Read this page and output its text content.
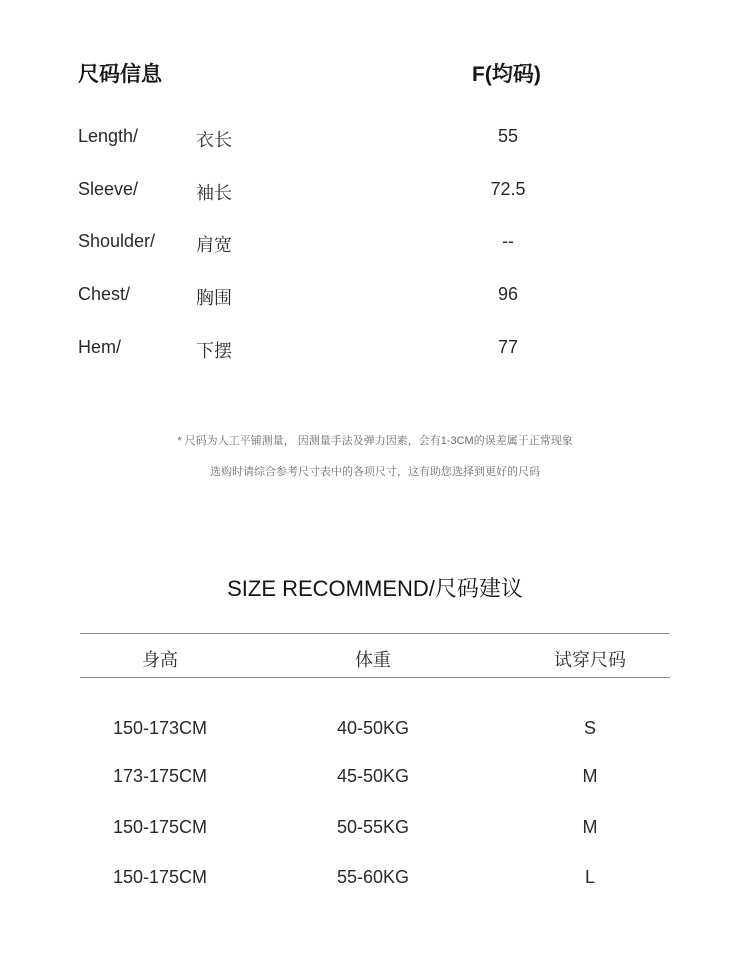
尺码信息	F(均码)
Length/	衣长	55
Sleeve/	袖长	72.5
Shoulder/ 肩宽	--
Chest/	胸围	96
Hem/	下摆	77
* 尺码为人工平铺测量， 因测量手法及弹力因素，会有1-3CM的误差属于正常现象
选购时请综合参考尺寸表中的各项尺寸，这有助您选择到更好的尺码
SIZE RECOMMEND/尺码建议
身高	体重	试穿尺码
150-173CM	40-50KG	S
173-175CM	45-50KG	M
150-175CM	50-55KG	M
150-175CM	55-60KG	L
